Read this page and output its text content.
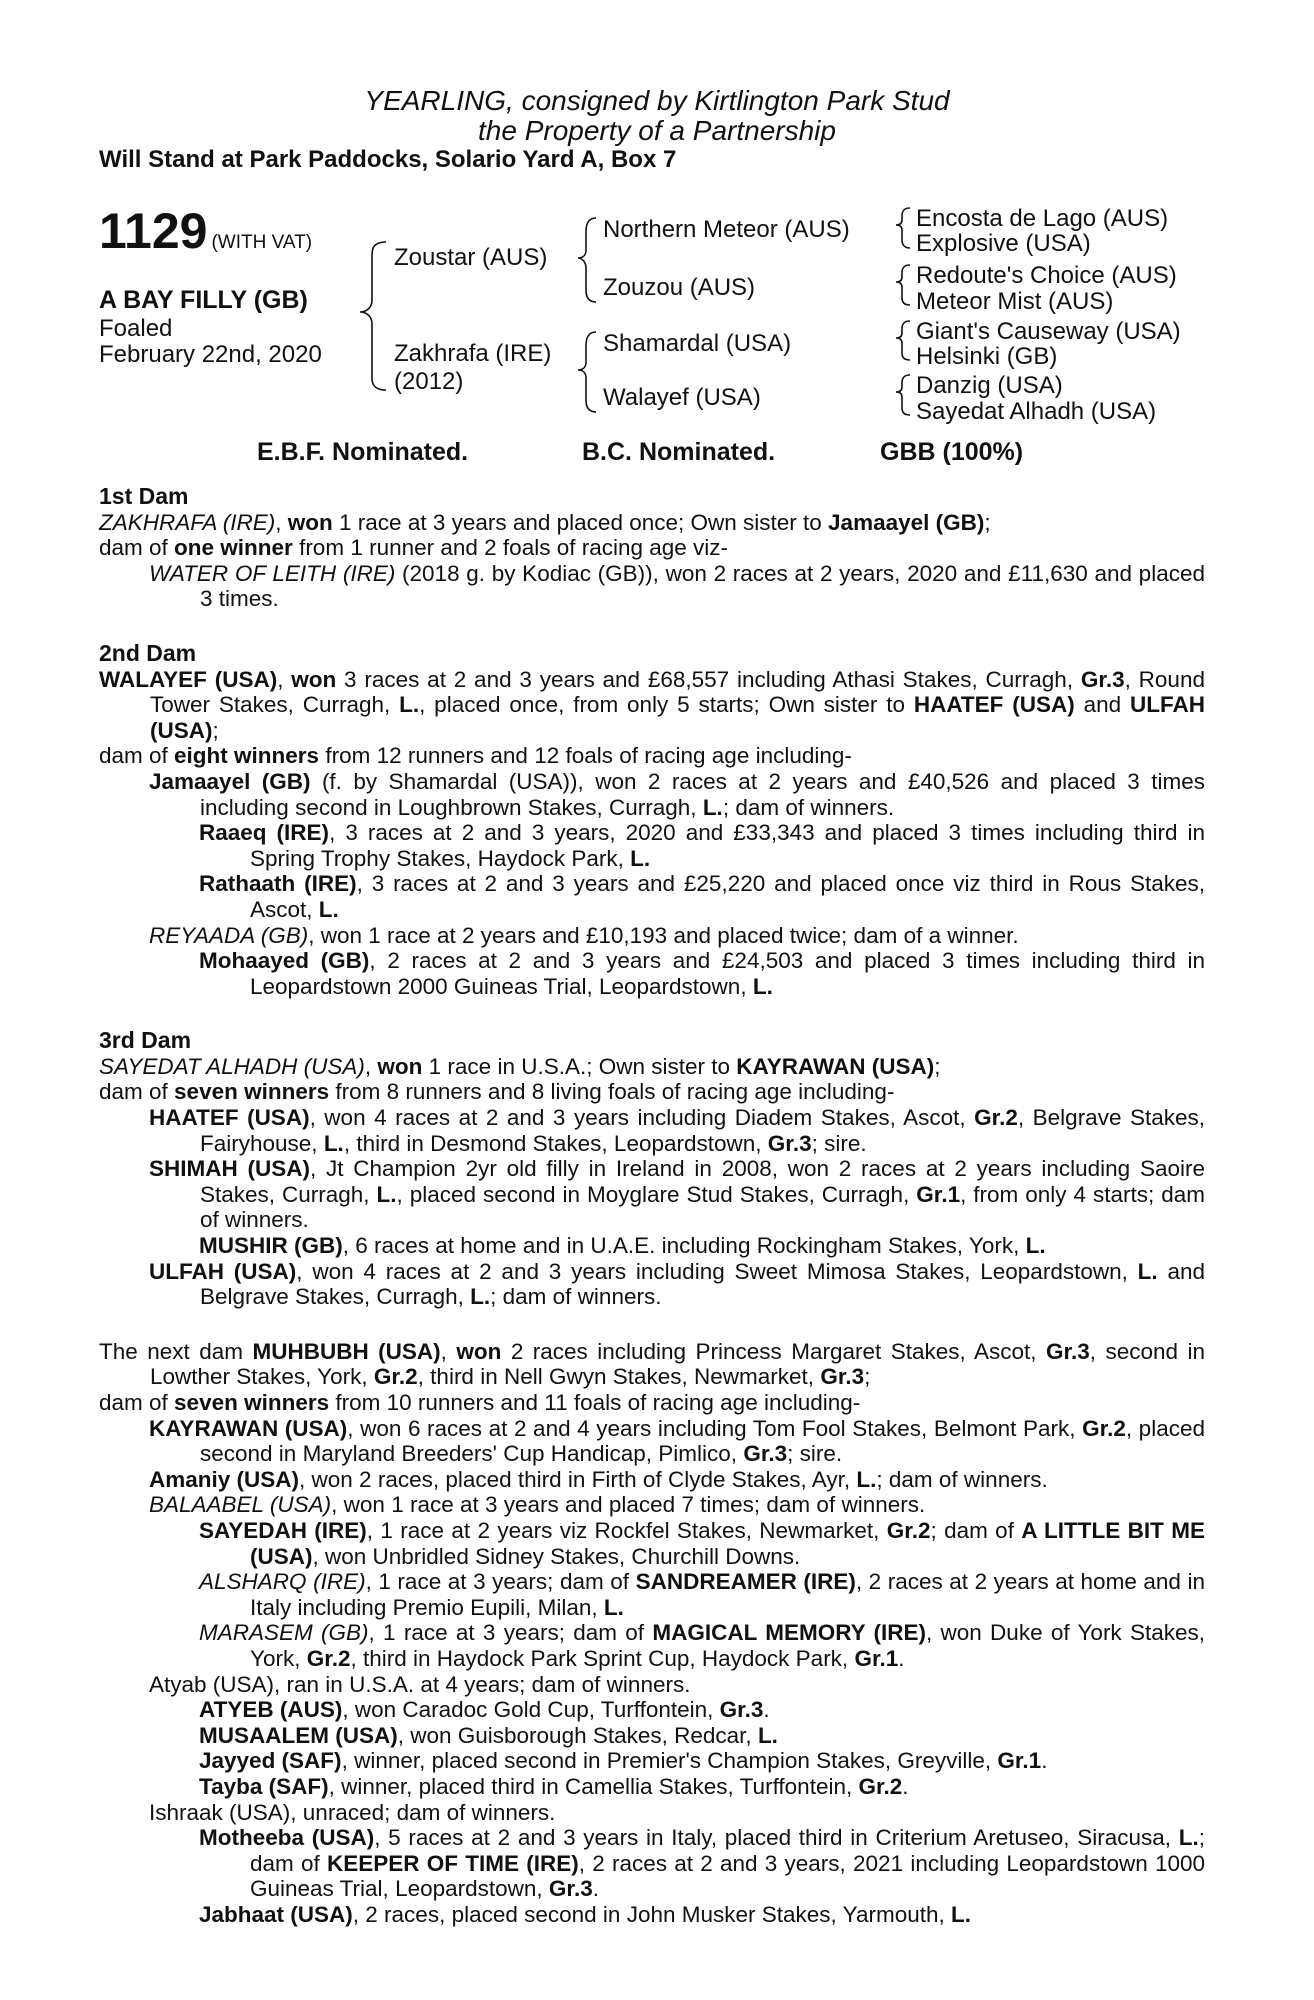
YEARLING, consigned by Kirtlington Park Stud
the Property of a Partnership
Will Stand at Park Paddocks, Solario Yard A, Box 7
1129 (WITH VAT)
A BAY FILLY (GB)
Foaled
February 22nd, 2020
Zoustar (AUS)
Zakhrafa (IRE)
(2012)
Northern Meteor (AUS)
Zouzou (AUS)
Shamardal (USA)
Walayef (USA)
Encosta de Lago (AUS)
Explosive (USA)
Redoute's Choice (AUS)
Meteor Mist (AUS)
Giant's Causeway (USA)
Helsinki (GB)
Danzig (USA)
Sayedat Alhadh (USA)
E.B.F. Nominated.	B.C. Nominated.	GBB (100%)
1st Dam
ZAKHRAFA (IRE), won 1 race at 3 years and placed once; Own sister to Jamaayel (GB);
dam of one winner from 1 runner and 2 foals of racing age viz-
WATER OF LEITH (IRE) (2018 g. by Kodiac (GB)), won 2 races at 2 years, 2020 and £11,630 and placed 3 times.
2nd Dam
WALAYEF (USA), won 3 races at 2 and 3 years and £68,557 including Athasi Stakes, Curragh, Gr.3, Round Tower Stakes, Curragh, L., placed once, from only 5 starts; Own sister to HAATEF (USA) and ULFAH (USA);
dam of eight winners from 12 runners and 12 foals of racing age including-
Jamaayel (GB) (f. by Shamardal (USA)), won 2 races at 2 years and £40,526 and placed 3 times including second in Loughbrown Stakes, Curragh, L.; dam of winners.
Raaeq (IRE), 3 races at 2 and 3 years, 2020 and £33,343 and placed 3 times including third in Spring Trophy Stakes, Haydock Park, L.
Rathaath (IRE), 3 races at 2 and 3 years and £25,220 and placed once viz third in Rous Stakes, Ascot, L.
REYAADA (GB), won 1 race at 2 years and £10,193 and placed twice; dam of a winner.
Mohaayed (GB), 2 races at 2 and 3 years and £24,503 and placed 3 times including third in Leopardstown 2000 Guineas Trial, Leopardstown, L.
3rd Dam
SAYEDAT ALHADH (USA), won 1 race in U.S.A.; Own sister to KAYRAWAN (USA);
dam of seven winners from 8 runners and 8 living foals of racing age including-
HAATEF (USA), won 4 races at 2 and 3 years including Diadem Stakes, Ascot, Gr.2, Belgrave Stakes, Fairyhouse, L., third in Desmond Stakes, Leopardstown, Gr.3; sire.
SHIMAH (USA), Jt Champion 2yr old filly in Ireland in 2008, won 2 races at 2 years including Saoire Stakes, Curragh, L., placed second in Moyglare Stud Stakes, Curragh, Gr.1, from only 4 starts; dam of winners.
MUSHIR (GB), 6 races at home and in U.A.E. including Rockingham Stakes, York, L.
ULFAH (USA), won 4 races at 2 and 3 years including Sweet Mimosa Stakes, Leopardstown, L. and Belgrave Stakes, Curragh, L.; dam of winners.
The next dam MUHBUBH (USA), won 2 races including Princess Margaret Stakes, Ascot, Gr.3, second in Lowther Stakes, York, Gr.2, third in Nell Gwyn Stakes, Newmarket, Gr.3;
dam of seven winners from 10 runners and 11 foals of racing age including-
KAYRAWAN (USA), won 6 races at 2 and 4 years including Tom Fool Stakes, Belmont Park, Gr.2, placed second in Maryland Breeders' Cup Handicap, Pimlico, Gr.3; sire.
Amaniy (USA), won 2 races, placed third in Firth of Clyde Stakes, Ayr, L.; dam of winners.
BALAABEL (USA), won 1 race at 3 years and placed 7 times; dam of winners.
SAYEDAH (IRE), 1 race at 2 years viz Rockfel Stakes, Newmarket, Gr.2; dam of A LITTLE BIT ME (USA), won Unbridled Sidney Stakes, Churchill Downs.
ALSHARQ (IRE), 1 race at 3 years; dam of SANDREAMER (IRE), 2 races at 2 years at home and in Italy including Premio Eupili, Milan, L.
MARASEM (GB), 1 race at 3 years; dam of MAGICAL MEMORY (IRE), won Duke of York Stakes, York, Gr.2, third in Haydock Park Sprint Cup, Haydock Park, Gr.1.
Atyab (USA), ran in U.S.A. at 4 years; dam of winners.
ATYEB (AUS), won Caradoc Gold Cup, Turffontein, Gr.3.
MUSAALEM (USA), won Guisborough Stakes, Redcar, L.
Jayyed (SAF), winner, placed second in Premier's Champion Stakes, Greyville, Gr.1.
Tayba (SAF), winner, placed third in Camellia Stakes, Turffontein, Gr.2.
Ishraak (USA), unraced; dam of winners.
Motheeba (USA), 5 races at 2 and 3 years in Italy, placed third in Criterium Aretuseo, Siracusa, L.; dam of KEEPER OF TIME (IRE), 2 races at 2 and 3 years, 2021 including Leopardstown 1000 Guineas Trial, Leopardstown, Gr.3.
Jabhaat (USA), 2 races, placed second in John Musker Stakes, Yarmouth, L.
